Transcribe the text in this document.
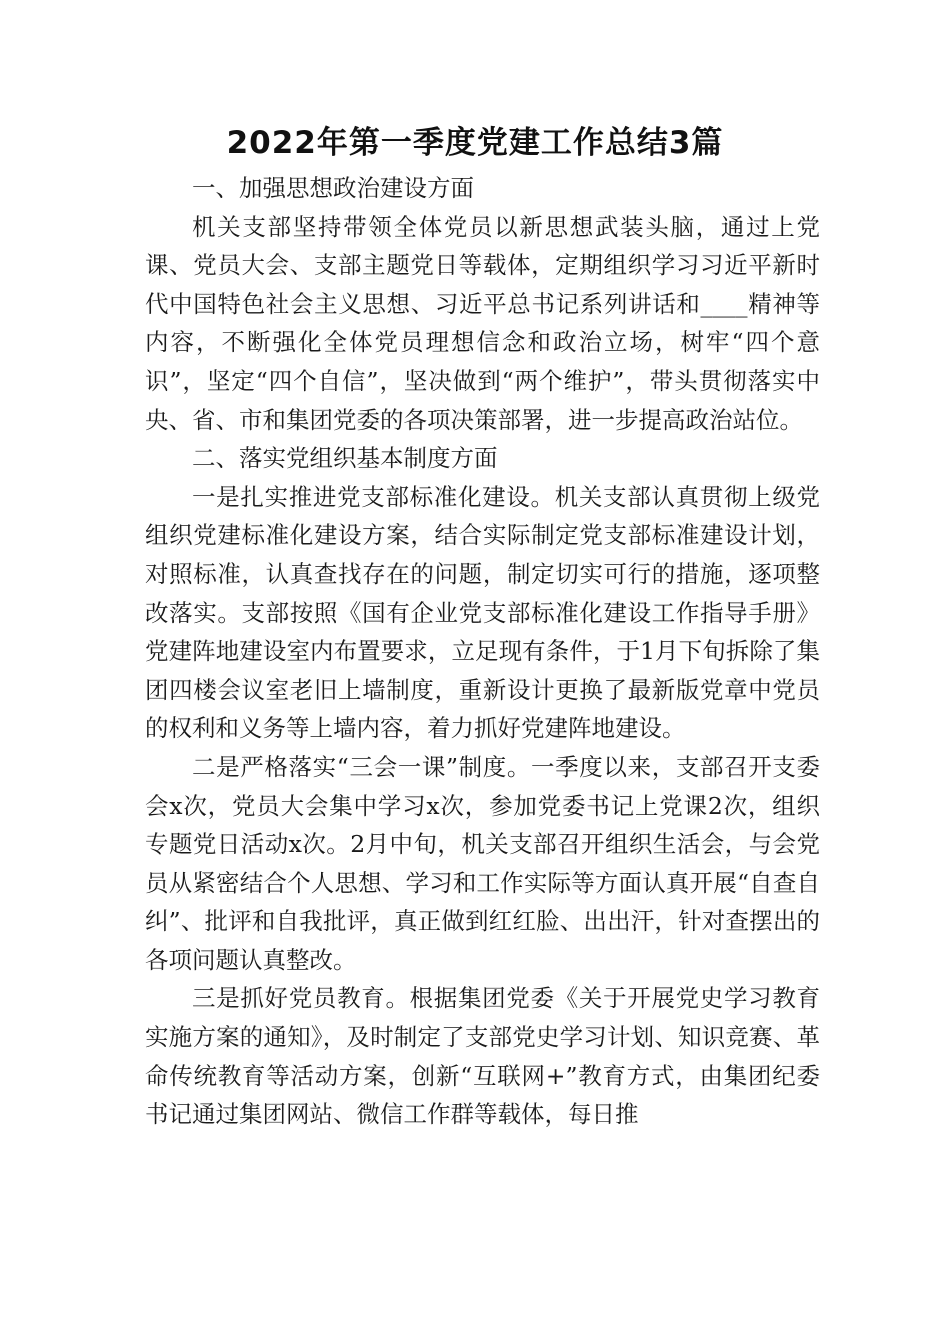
2022年第一季度党建工作总结3篇

一、加强思想政治建设方面

机关支部坚持带领全体党员以新思想武装头脑，通过上党课、党员大会、支部主题党日等载体，定期组织学习习近平新时代中国特色社会主义思想、习近平总书记系列讲话和____精神等内容，不断强化全体党员理想信念和政治立场，树牢“四个意识”，坚定“四个自信”，坚决做到“两个维护”，带头贯彻落实中央、省、市和集团党委的各项决策部署，进一步提高政治站位。

二、落实党组织基本制度方面

一是扎实推进党支部标准化建设。机关支部认真贯彻上级党组织党建标准化建设方案，结合实际制定党支部标准建设计划，对照标准，认真查找存在的问题，制定切实可行的措施，逐项整改落实。支部按照《国有企业党支部标准化建设工作指导手册》党建阵地建设室内布置要求，立足现有条件，于1月下旬拆除了集团四楼会议室老旧上墙制度，重新设计更换了最新版党章中党员的权利和义务等上墙内容，着力抓好党建阵地建设。

二是严格落实“三会一课”制度。一季度以来，支部召开支委会x次，党员大会集中学习x次，参加党委书记上党课2次，组织专题党日活动x次。2月中旬，机关支部召开组织生活会，与会党员从紧密结合个人思想、学习和工作实际等方面认真开展“自查自纠”、批评和自我批评，真正做到红红脸、出出汗，针对查摆出的各项问题认真整改。

三是抓好党员教育。根据集团党委《关于开展党史学习教育实施方案的通知》，及时制定了支部党史学习计划、知识竞赛、革命传统教育等活动方案，创新“互联网+”教育方式，由集团纪委书记通过集团网站、微信工作群等载体，每日推
